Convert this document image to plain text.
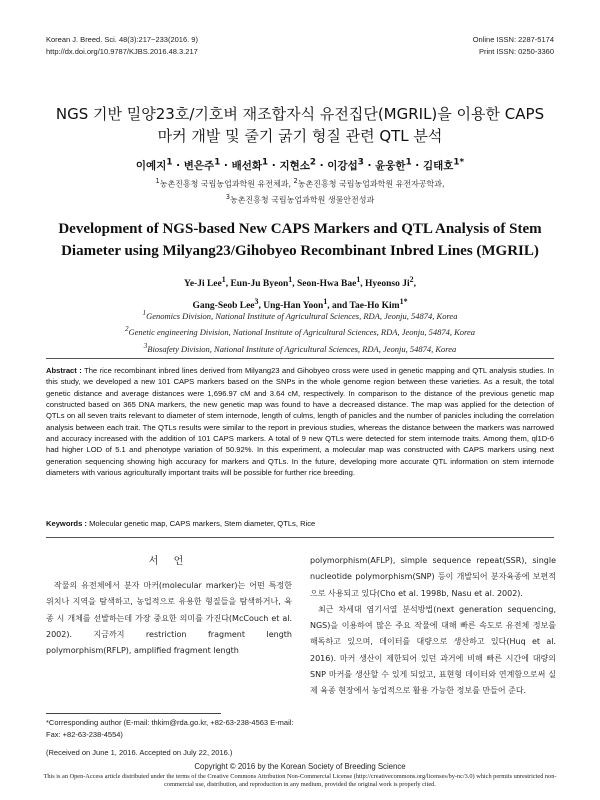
Korean J. Breed. Sci. 48(3):217~233(2016. 9)
http://dx.doi.org/10.9787/KJBS.2016.48.3.217
Online ISSN: 2287-5174
Print ISSN: 0250-3360
NGS 기반 밀양23호/기호벼 재조합자식 유전집단(MGRIL)을 이용한 CAPS
마커 개발 및 줄기 굵기 형질 관련 QTL 분석
이예지$^1$ · 변은주$^1$ · 배선화$^1$ · 지현소$^2$ · 이강섭$^3$ · 윤웅한$^1$ · 김태호$^{1*}$
$^1$농촌진흥청 국립농업과학원 유전체과, $^2$농촌진흥청 국립농업과학원 유전자공학과,
$^3$농촌진흥청 국립농업과학원 생물안전성과
Development of NGS-based New CAPS Markers and QTL Analysis of Stem
Diameter using Milyang23/Gihobyeo Recombinant Inbred Lines (MGRIL)
Ye-Ji Lee$^1$, Eun-Ju Byeon$^1$, Seon-Hwa Bae$^1$, Hyeonso Ji$^2$,
Gang-Seob Lee$^3$, Ung-Han Yoon$^1$, and Tae-Ho Kim$^{1*}$
$^1$Genomics Division, National Institute of Agricultural Sciences, RDA, Jeonju, 54874, Korea
$^2$Genetic engineering Division, National Institute of Agricultural Sciences, RDA, Jeonju, 54874, Korea
$^3$Biosafety Division, National Institute of Agricultural Sciences, RDA, Jeonju, 54874, Korea
Abstract : The rice recombinant inbred lines derived from Milyang23 and Gihobyeo cross were used in genetic mapping and QTL analysis studies. In this study, we developed a new 101 CAPS markers based on the SNPs in the whole genome region between these varieties. As a result, the total genetic distance and average distances were 1,696.97 cM and 3.64 cM, respectively. In comparison to the distance of the previous genetic map constructed based on 365 DNA markers, the new genetic map was found to have a decreased distance. The map was applied for the detection of QTLs on all seven traits relevant to diameter of stem internode, length of culms, length of panicles and the number of panicles including the correlation analysis between each trait. The QTLs results were similar to the report in previous studies, whereas the distance between the markers was narrowed and accuracy increased with the addition of 101 CAPS markers. A total of 9 new QTLs were detected for stem internode traits. Among them, ql1D-6 had higher LOD of 5.1 and phenotype variation of 50.92%. In this experiment, a molecular map was constructed with CAPS markers using next generation sequencing showing high accuracy for markers and QTLs. In the future, developing more accurate QTL information on stem internode diameters with various agriculturally important traits will be possible for further rice breeding.
Keywords : Molecular genetic map, CAPS markers, Stem diameter, QTLs, Rice
서 언

작물의 유전체에서 분자 마커(molecular marker)는 어떤 특정한 위치나 지역을 탐색하고, 농업적으로 유용한 형질들을 탐색하거나, 육종 시 개체를 선발하는데 가장 중요한 의미를 가진다(McCouch et al. 2002). 지금까지 restriction fragment length polymorphism(RFLP), amplified fragment length

polymorphism(AFLP), simple sequence repeat(SSR), single nucleotide polymorphism(SNP) 등이 개발되어 분자육종에 보편적으로 사용되고 있다(Cho et al. 1998b, Nasu et al. 2002).

최근 차세대 염기서열 분석방법(next generation sequencing, NGS)을 이용하여 많은 주요 작물에 대해 빠른 속도로 유전체 정보를 해독하고 있으며, 데이터를 대량으로 생산하고 있다(Huq et al. 2016). 마커 생산이 제한되어 있던 과거에 비해 빠른 시간에 대량의 SNP 마커를 생산할 수 있게 되었고, 표현형 데이터와 연계함으로써 실제 육종 현장에서 농업적으로 활용 가능한 정보를 만들어 준다.

*Corresponding author (E-mail: thkim@rda.go.kr, +82-63-238-4563 E-mail: Fax: +82-63-238-4554)
(Received on June 1, 2016. Accepted on July 22, 2016.)
Copyright © 2016 by the Korean Society of Breeding Science
This is an Open-Access article distributed under the terms of the Creative Commons Attribution Non-Commercial License (http://creativecommons.org/licenses/by-nc/3.0) which permits unrestricted non-commercial use, distribution, and reproduction in any medium, provided the original work is properly cited.
